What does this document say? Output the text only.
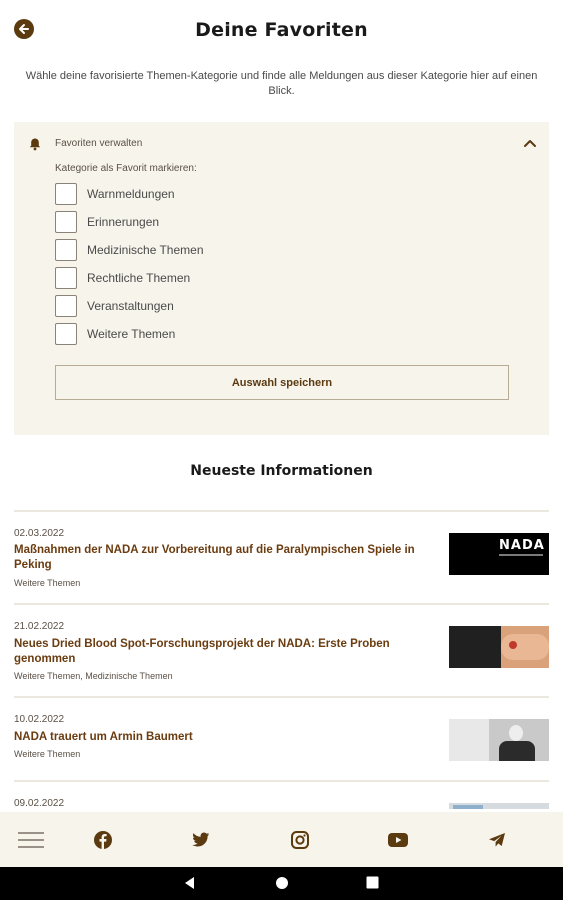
Deine Favoriten
Wähle deine favorisierte Themen-Kategorie und finde alle Meldungen aus dieser Kategorie hier auf einen Blick.
Favoriten verwalten
Kategorie als Favorit markieren:
Warnmeldungen
Erinnerungen
Medizinische Themen
Rechtliche Themen
Veranstaltungen
Weitere Themen
Auswahl speichern
Neueste Informationen
02.03.2022
Maßnahmen der NADA zur Vorbereitung auf die Paralympischen Spiele in Peking
Weitere Themen
NADA
21.02.2022
Neues Dried Blood Spot-Forschungsprojekt der NADA: Erste Proben genommen
Weitere Themen, Medizinische Themen
10.02.2022
NADA trauert um Armin Baumert
Weitere Themen
09.02.2022
